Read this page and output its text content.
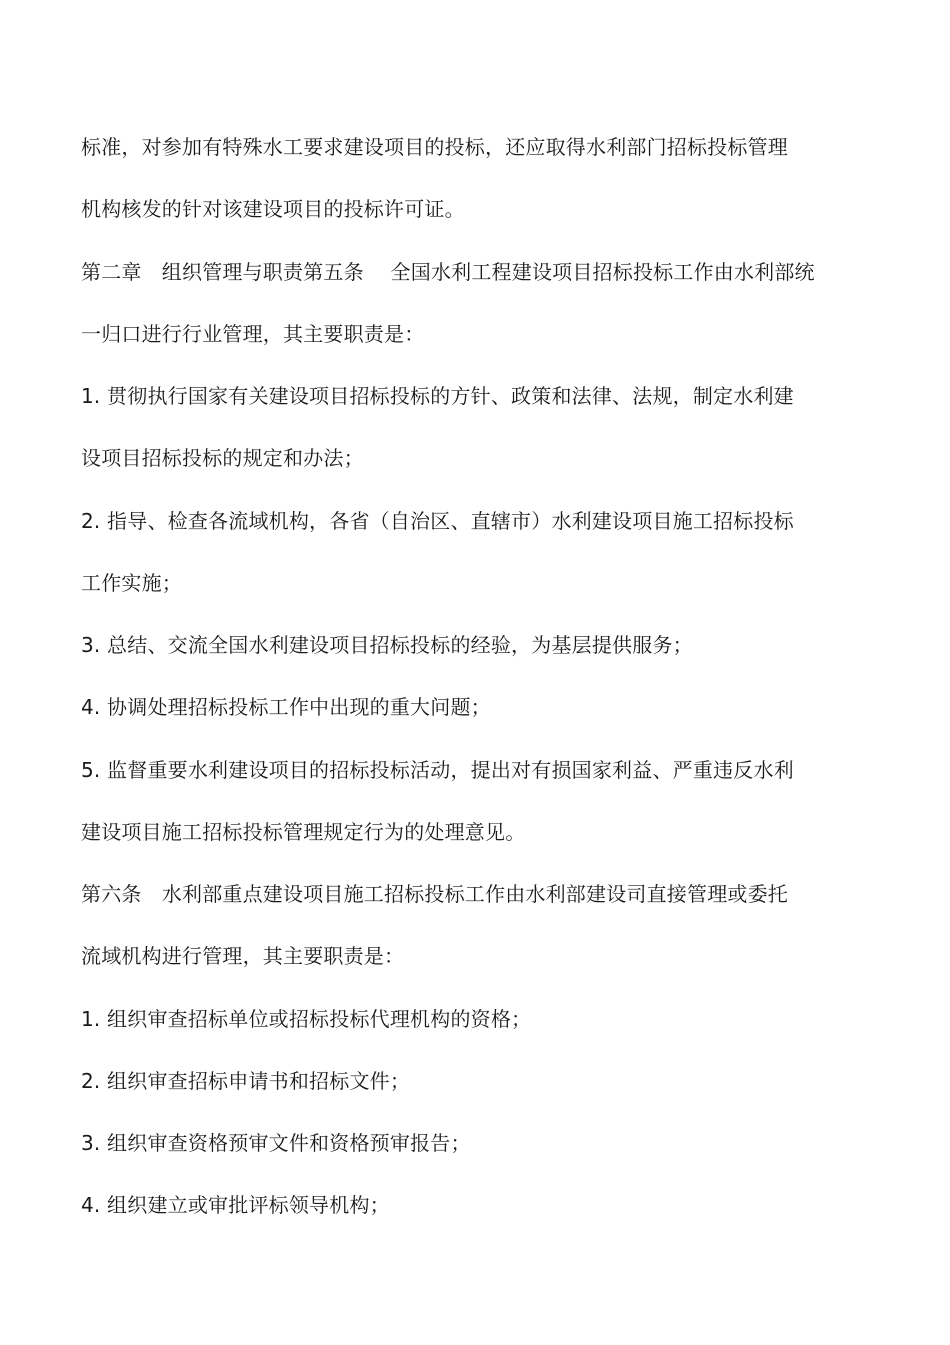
标准，对参加有特殊水工要求建设项目的投标，还应取得水利部门招标投标管理
机构核发的针对该建设项目的投标许可证。
第二章　组织管理与职责第五条　 全国水利工程建设项目招标投标工作由水利部统
一归口进行行业管理，其主要职责是：
1. 贯彻执行国家有关建设项目招标投标的方针、政策和法律、法规，制定水利建
设项目招标投标的规定和办法；
2. 指导、检查各流域机构，各省（自治区、直辖市）水利建设项目施工招标投标
工作实施；
3. 总结、交流全国水利建设项目招标投标的经验，为基层提供服务；
4. 协调处理招标投标工作中出现的重大问题；
5. 监督重要水利建设项目的招标投标活动，提出对有损国家利益、严重违反水利
建设项目施工招标投标管理规定行为的处理意见。
第六条　水利部重点建设项目施工招标投标工作由水利部建设司直接管理或委托
流域机构进行管理，其主要职责是：
1. 组织审查招标单位或招标投标代理机构的资格；
2. 组织审查招标申请书和招标文件；
3. 组织审查资格预审文件和资格预审报告；
4. 组织建立或审批评标领导机构；
